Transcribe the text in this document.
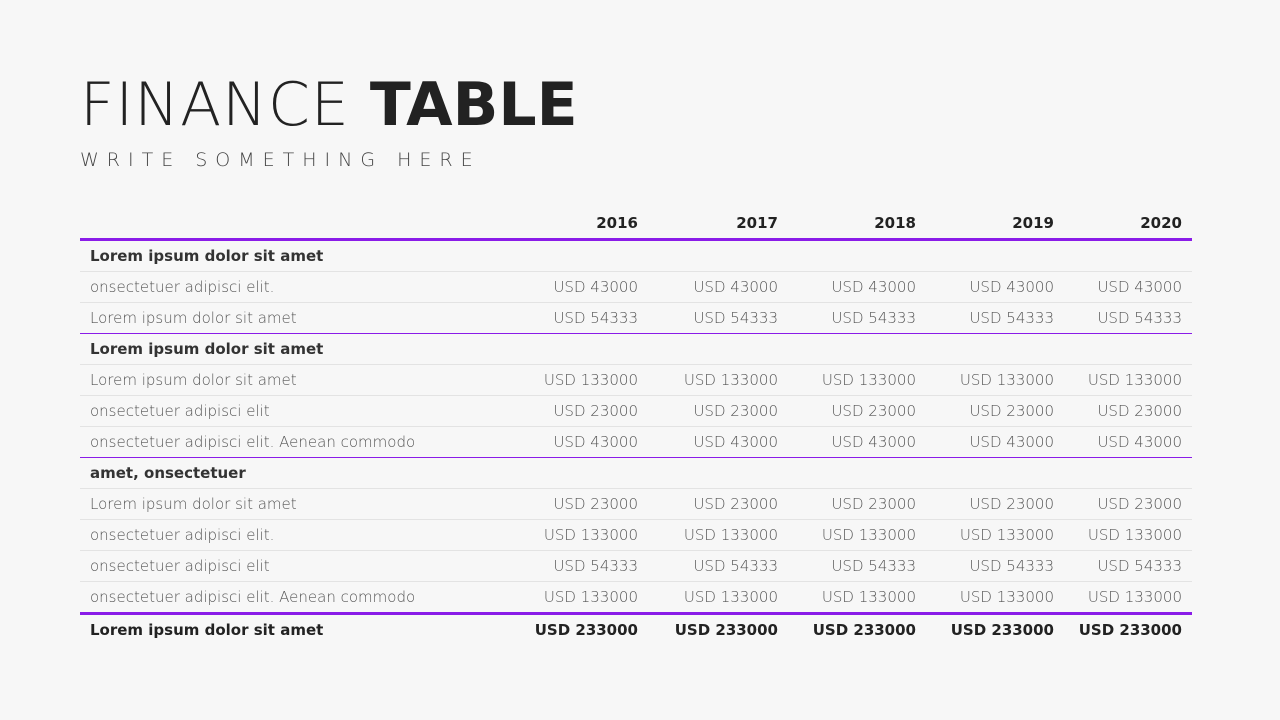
FINANCE TABLE

WRITE SOMETHING HERE

	2016	2017	2018	2019	2020
Lorem ipsum dolor sit amet					
onsectetuer adipisci elit.	USD 43000	USD 43000	USD 43000	USD 43000	USD 43000
Lorem ipsum dolor sit amet	USD 54333	USD 54333	USD 54333	USD 54333	USD 54333
Lorem ipsum dolor sit amet					
Lorem ipsum dolor sit amet	USD 133000	USD 133000	USD 133000	USD 133000	USD 133000
onsectetuer adipisci elit	USD 23000	USD 23000	USD 23000	USD 23000	USD 23000
onsectetuer adipisci elit. Aenean commodo	USD 43000	USD 43000	USD 43000	USD 43000	USD 43000
amet, onsectetuer					
Lorem ipsum dolor sit amet	USD 23000	USD 23000	USD 23000	USD 23000	USD 23000
onsectetuer adipisci elit.	USD 133000	USD 133000	USD 133000	USD 133000	USD 133000
onsectetuer adipisci elit	USD 54333	USD 54333	USD 54333	USD 54333	USD 54333
onsectetuer adipisci elit. Aenean commodo	USD 133000	USD 133000	USD 133000	USD 133000	USD 133000
Lorem ipsum dolor sit amet	USD 233000	USD 233000	USD 233000	USD 233000	USD 233000
